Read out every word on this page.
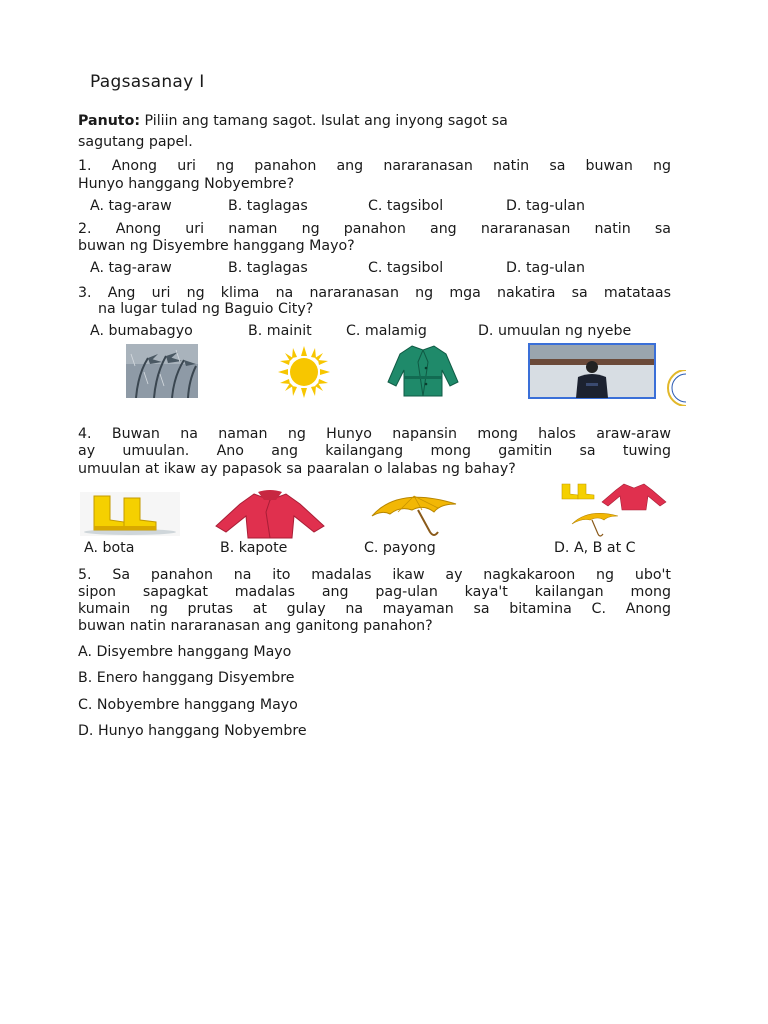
Pagsasanay I
Panuto: Piliin ang tamang sagot. Isulat ang inyong sagot sa
sagutang papel.
1. Anong uri ng panahon ang nararanasan natin sa buwan ng
Hunyo hanggang Nobyembre?
A. tag-araw	B. taglagas	C. tagsibol	D. tag-ulan
2. Anong uri naman ng panahon ang nararanasan natin sa
buwan ng Disyembre hanggang Mayo?
A. tag-araw	B. taglagas	C. tagsibol	D. tag-ulan
3. Ang uri ng klima na nararanasan ng mga nakatira sa matataas
na lugar tulad ng Baguio City?
A. bumabagyo	B. mainit C. malamig	D. umuulan ng nyebe
4. Buwan na naman ng Hunyo napansin mong halos araw-araw
ay umuulan. Ano ang kailangang mong gamitin sa tuwing
umuulan at ikaw ay papasok sa paaralan o lalabas ng bahay?
A. bota	B. kapote	C. payong	D. A, B at C
5. Sa panahon na ito madalas ikaw ay nagkakaroon ng ubo't
sipon sapagkat madalas ang pag-ulan kaya't kailangan mong
kumain ng prutas at gulay na mayaman sa bitamina C. Anong
buwan natin nararanasan ang ganitong panahon?
A. Disyembre hanggang Mayo
B. Enero hanggang Disyembre
C. Nobyembre hanggang Mayo
D. Hunyo hanggang Nobyembre
